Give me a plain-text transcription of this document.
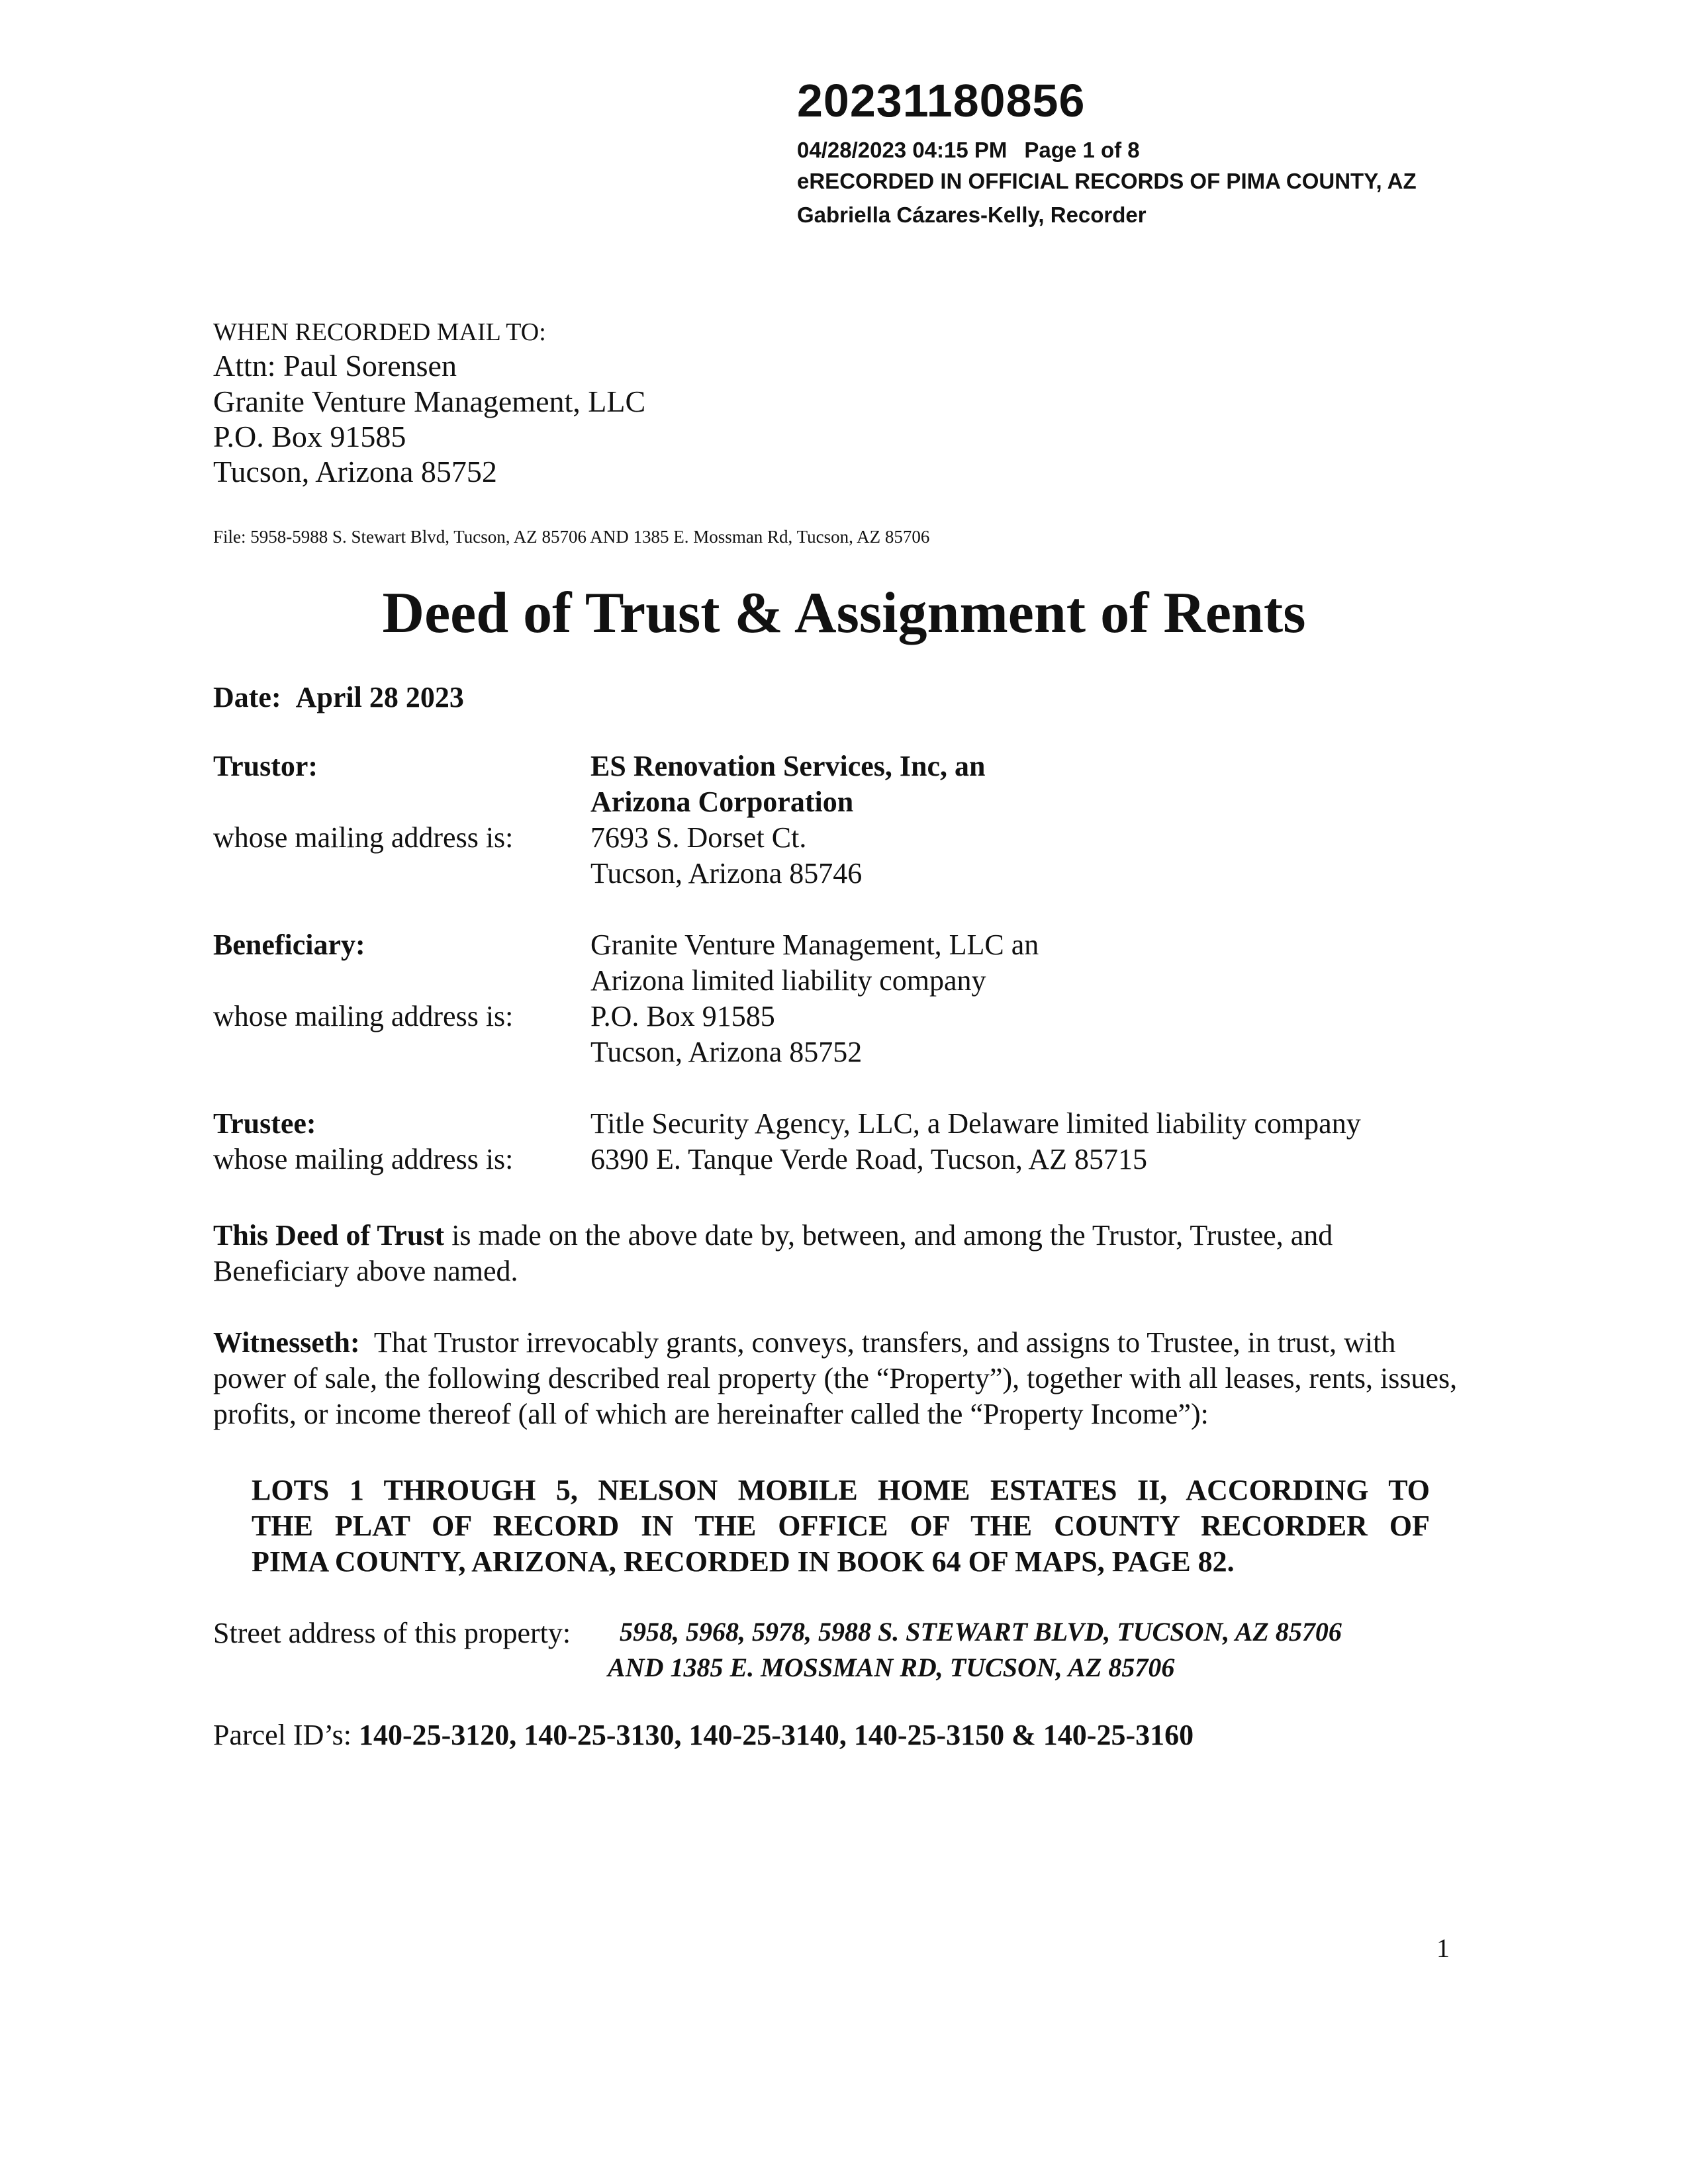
20231180856
04/28/2023 04:15 PM Page 1 of 8
eRECORDED IN OFFICIAL RECORDS OF PIMA COUNTY, AZ
Gabriella Cázares-Kelly, Recorder
WHEN RECORDED MAIL TO:
Attn: Paul Sorensen
Granite Venture Management, LLC
P.O. Box 91585
Tucson, Arizona 85752
File: 5958-5988 S. Stewart Blvd, Tucson, AZ 85706 AND 1385 E. Mossman Rd, Tucson, AZ 85706
Deed of Trust & Assignment of Rents
Date: April 28 2023
Trustor:	ES Renovation Services, Inc, an
Arizona Corporation
whose mailing address is:	7693 S. Dorset Ct.
Tucson, Arizona 85746
Beneficiary:	Granite Venture Management, LLC an
Arizona limited liability company
whose mailing address is:	P.O. Box 91585
Tucson, Arizona 85752
Trustee:	Title Security Agency, LLC, a Delaware limited liability company
whose mailing address is:	6390 E. Tanque Verde Road, Tucson, AZ 85715
This Deed of Trust is made on the above date by, between, and among the Trustor, Trustee, and Beneficiary above named.
Witnesseth:  That Trustor irrevocably grants, conveys, transfers, and assigns to Trustee, in trust, with power of sale, the following described real property (the “Property”), together with all leases, rents, issues, profits, or income thereof (all of which are hereinafter called the “Property Income”):
LOTS 1 THROUGH 5, NELSON MOBILE HOME ESTATES II, ACCORDING TO
THE PLAT OF RECORD IN THE OFFICE OF THE COUNTY RECORDER OF
PIMA COUNTY, ARIZONA, RECORDED IN BOOK 64 OF MAPS, PAGE 82.
Street address of this property: 5958, 5968, 5978, 5988 S. STEWART BLVD, TUCSON, AZ 85706
AND 1385 E. MOSSMAN RD, TUCSON, AZ 85706
Parcel ID’s: 140-25-3120, 140-25-3130, 140-25-3140, 140-25-3150 & 140-25-3160
1
